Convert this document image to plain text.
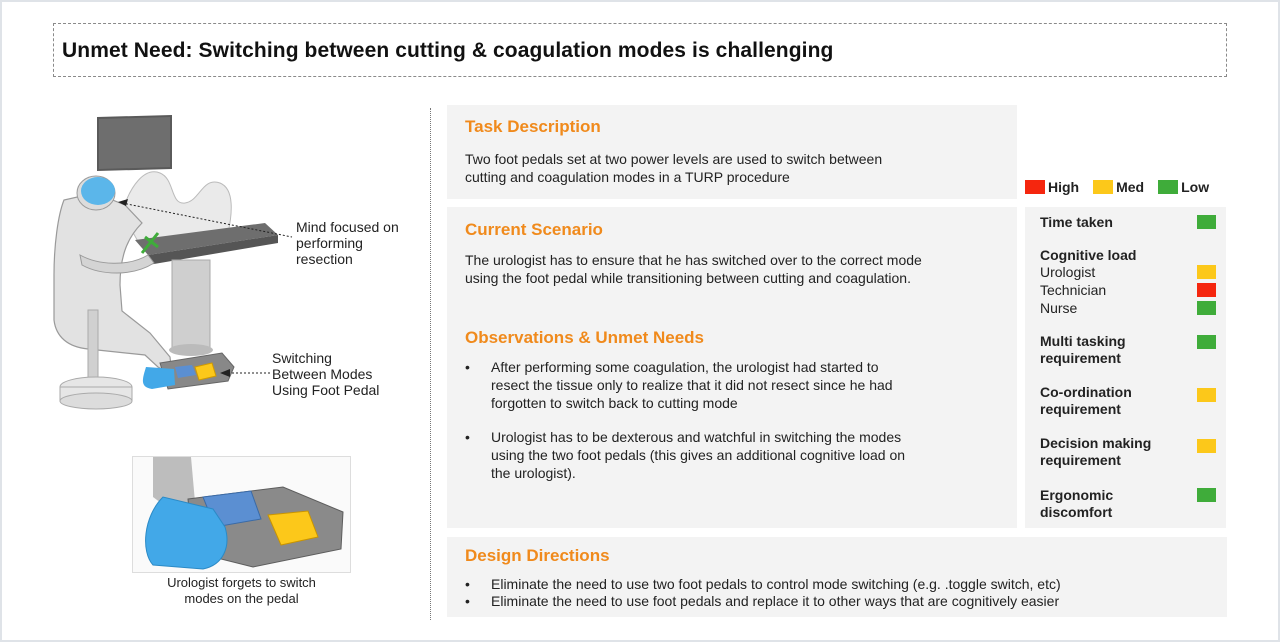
Unmet Need: Switching between cutting & coagulation modes is challenging
Mind focused on
performing
resection
Switching
Between Modes
Using Foot Pedal
Urologist forgets to switch
modes on the pedal
Task Description

Two foot pedals set at two power levels are used to switch between
cutting and coagulation modes in a TURP procedure

Current Scenario

The urologist has to ensure that he has switched over to the correct mode
using the foot pedal while transitioning between cutting and coagulation.

Observations & Unmet Needs
• After performing some coagulation, the urologist had started to
resect the tissue only to realize that it did not resect since he had
forgotten to switch back to cutting mode
• Urologist has to be dexterous and watchful in switching the modes
using the two foot pedals (this gives an additional cognitive load on
the urologist).
Design Directions
• Eliminate the need to use two foot pedals to control mode switching (e.g. .toggle switch, etc)
• Eliminate the need to use foot pedals and replace it to other ways that are cognitively easier
High	Med	Low
Time taken
Cognitive load
Urologist
Technician
Nurse
Multi tasking
requirement
Co-ordination
requirement
Decision making
requirement
Ergonomic
discomfort
